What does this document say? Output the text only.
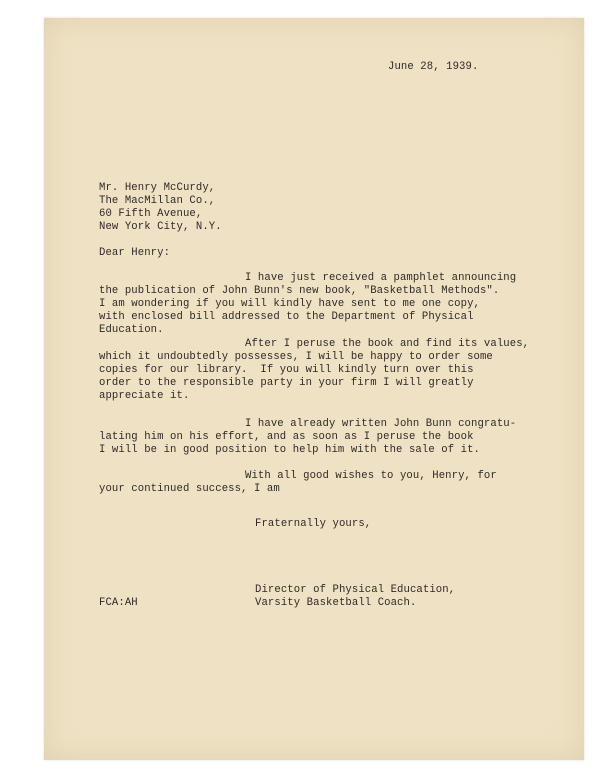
June 28, 1939.

Mr. Henry McCurdy,
The MacMillan Co.,
60 Fifth Avenue,
New York City, N.Y.

Dear Henry:

I have just received a pamphlet announcing
the publication of John Bunn's new book, "Basketball Methods".
I am wondering if you will kindly have sent to me one copy,
with enclosed bill addressed to the Department of Physical
Education.
After I peruse the book and find its values,
which it undoubtedly possesses, I will be happy to order some
copies for our library.  If you will kindly turn over this
order to the responsible party in your firm I will greatly
appreciate it.
I have already written John Bunn congratu-
lating him on his effort, and as soon as I peruse the book
I will be in good position to help him with the sale of it.
With all good wishes to you, Henry, for
your continued success, I am

Fraternally yours,

Director of Physical Education,
Varsity Basketball Coach.

FCA:AH
